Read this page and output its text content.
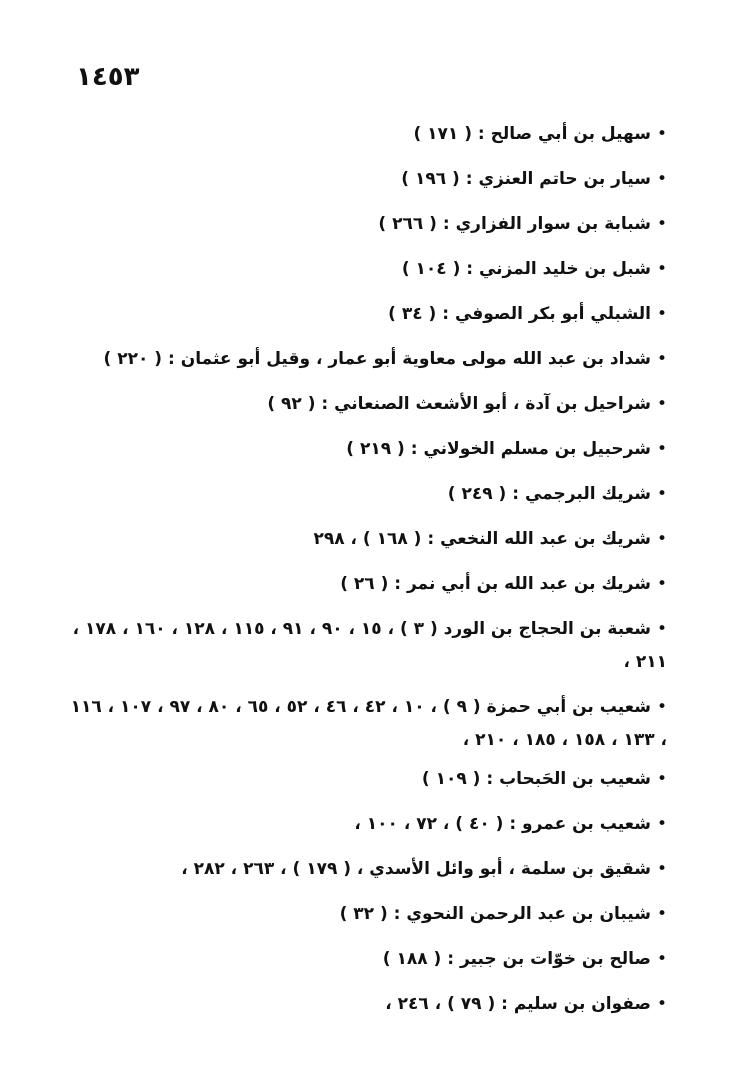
١٤٥٣
•سهيل بن أبي صالح : ( ١٧١ )
•سيار بن حاتم العنزي : ( ١٩٦ )
•شبابة بن سوار الفزاري : ( ٢٦٦ )
•شبل بن خليد المزني : ( ١٠٤ )
•الشبلي أبو بكر الصوفي : ( ٣٤ )
•شداد بن عبد الله مولى معاوية أبو عمار ، وقيل أبو عثمان : ( ٢٢٠ )
•شراحيل بن آدة ، أبو الأشعث الصنعاني : ( ٩٢ )
•شرحبيل بن مسلم الخولاني : ( ٢١٩ )
•شريك البرجمي : ( ٢٤٩ )
•شريك بن عبد الله النخعي : ( ١٦٨ ) ، ٢٩٨
•شريك بن عبد الله بن أبي نمر : ( ٢٦ )
•شعبة بن الحجاج بن الورد ( ٣ ) ، ١٥ ، ٩٠ ، ٩١ ، ١١٥ ، ١٢٨ ، ١٦٠ ، ١٧٨ ، ٢١١ ،
•شعيب بن أبي حمزة ( ٩ ) ، ١٠ ، ٤٢ ، ٤٦ ، ٥٢ ، ٦٥ ، ٨٠ ، ٩٧ ، ١٠٧ ، ١١٦ ، ١٣٣ ، ١٥٨ ، ١٨٥ ، ٢١٠ ،
•شعيب بن الحَبحاب : ( ١٠٩ )
•شعيب بن عمرو : ( ٤٠ ) ، ٧٢ ، ١٠٠ ،
•شقيق بن سلمة ، أبو وائل الأسدي ، ( ١٧٩ ) ، ٢٦٣ ، ٢٨٢ ،
•شيبان بن عبد الرحمن النحوي : ( ٣٢ )
•صالح بن خوّات بن جبير : ( ١٨٨ )
•صفوان بن سليم : ( ٧٩ ) ، ٢٤٦ ،
